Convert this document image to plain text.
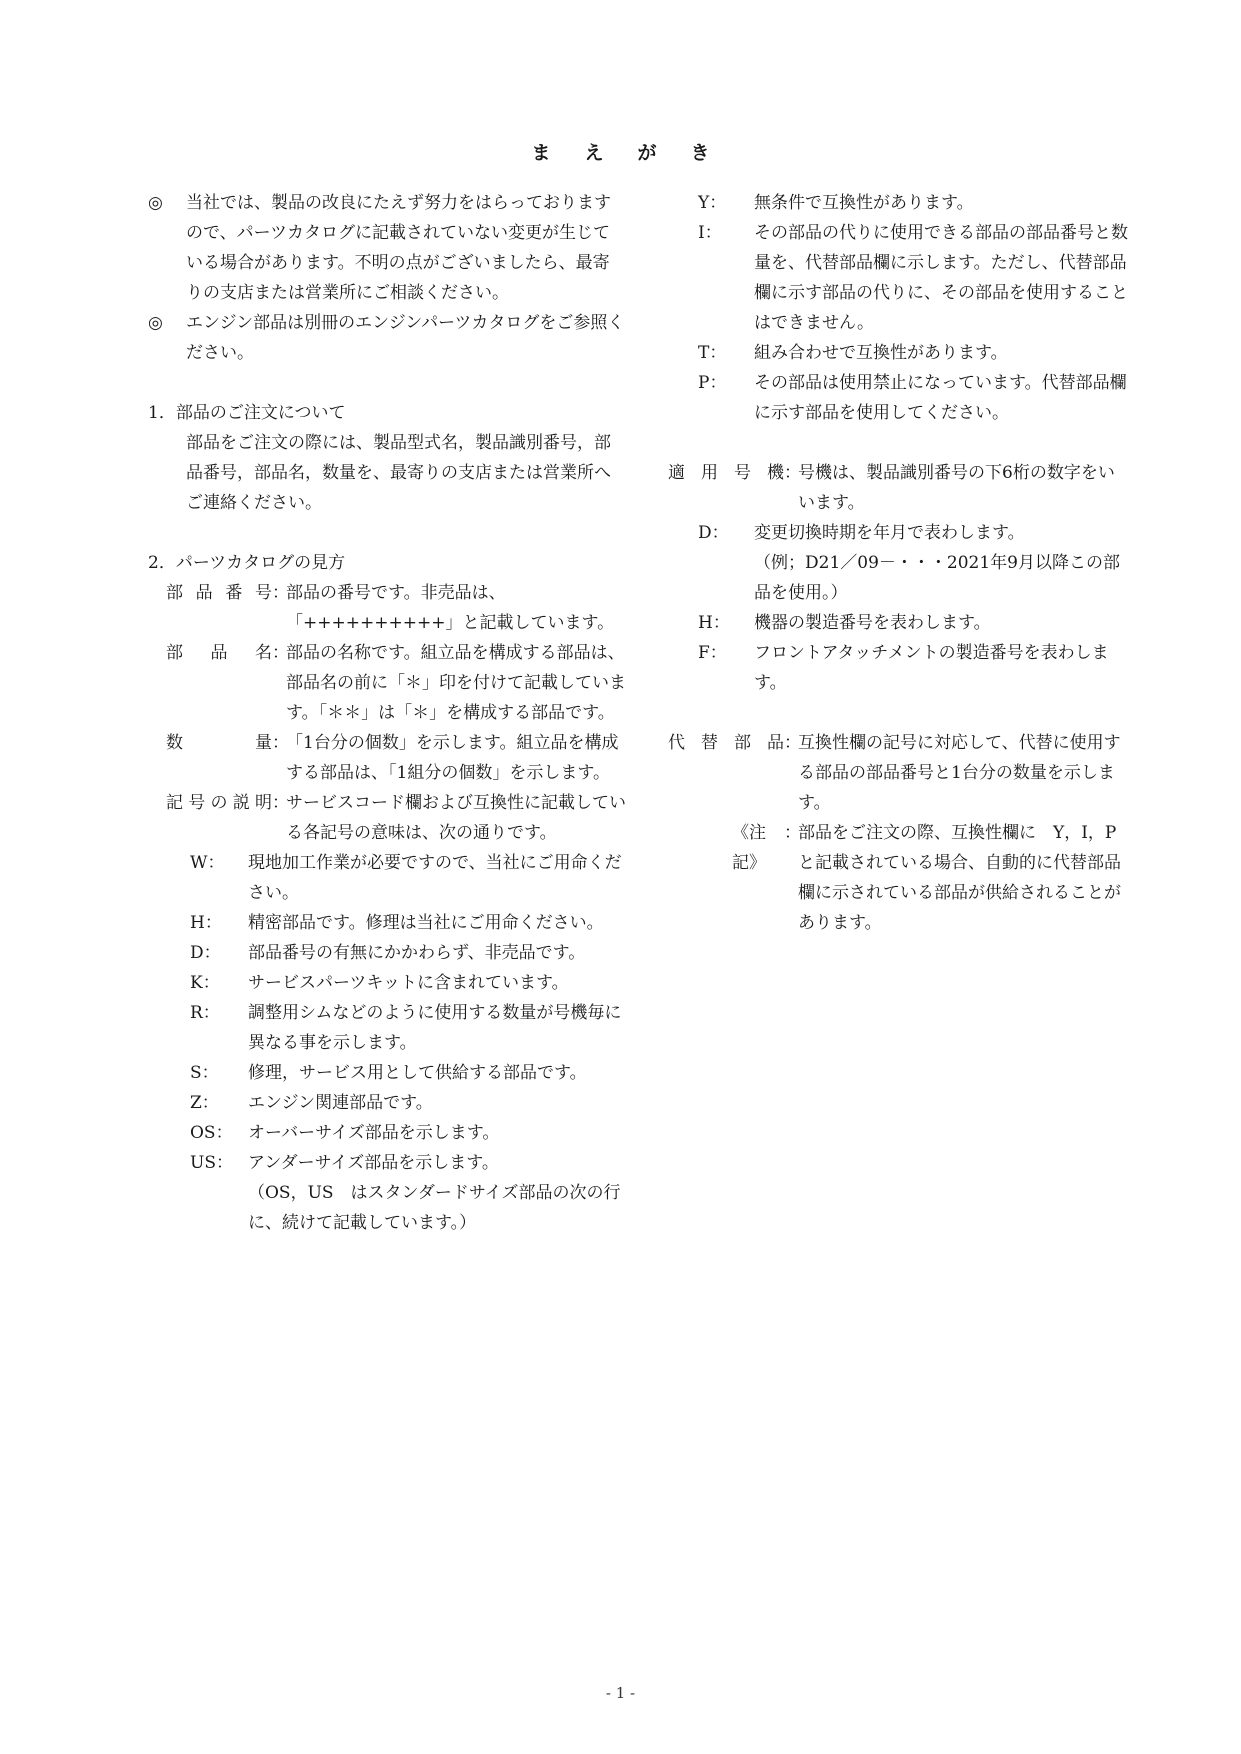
まえがき
◎	当社では、製品の改良にたえず努力をはらっておりますので、パーツカタログに記載されていない変更が生じている場合があります。不明の点がございましたら、最寄りの支店または営業所にご相談ください。
◎	エンジン部品は別冊のエンジンパーツカタログをご参照ください。
1．部品のご注文について
部品をご注文の際には、製品型式名，製品識別番号，部品番号，部品名，数量を、最寄りの支店または営業所へご連絡ください。
2．パーツカタログの見方
部 品 番 号 ：
部品の番号です。非売品は、「++++++++++」と記載しています。
部 品 名 ：
部品の名称です。組立品を構成する部品は、部品名の前に「＊」印を付けて記載しています。「＊＊」は「＊」を構成する部品です。
数	量 ：
「1台分の個数」を示します。組立品を構成する部品は、「1組分の個数」を示します。
記 号 の 説 明 ：
サービスコード欄および互換性に記載している各記号の意味は、次の通りです。
W：	現地加工作業が必要ですので、当社にご用命ください。
H：	精密部品です。修理は当社にご用命ください。
D：	部品番号の有無にかかわらず、非売品です。
K：	サービスパーツキットに含まれています。
R：	調整用シムなどのように使用する数量が号機毎に異なる事を示します。
S：	修理，サービス用として供給する部品です。
Z：	エンジン関連部品です。
OS： オーバーサイズ部品を示します。
US： アンダーサイズ部品を示します。
（OS，US　はスタンダードサイズ部品の次の行に、続けて記載しています。）
Y：	無条件で互換性があります。
I：	その部品の代りに使用できる部品の部品番号と数量を、代替部品欄に示します。ただし、代替部品欄に示す部品の代りに、その部品を使用することはできません。
T：	組み合わせで互換性があります。
P：	その部品は使用禁止になっています。代替部品欄に示す部品を使用してください。
適 用 号 機 ：
号機は、製品識別番号の下6桁の数字をいいます。
D：	変更切換時期を年月で表わします。
（例；D21／09－・・・2021年9月以降この部品を使用。）
H：	機器の製造番号を表わします。
F：	フロントアタッチメントの製造番号を表わします。
代 替 部 品 ：
互換性欄の記号に対応して、代替に使用する部品の部品番号と1台分の数量を示します。
《注記》
：
部品をご注文の際、互換性欄に　Y，I，Pと記載されている場合、自動的に代替部品欄に示されている部品が供給されることがあります。
- 1 -
